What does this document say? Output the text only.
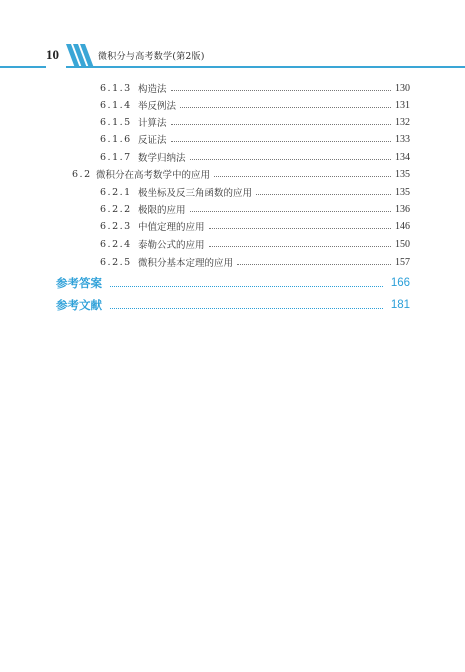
10	微积分与高考数学(第2版)
6.1.3 构造法	130
6.1.4 举反例法	131
6.1.5 计算法	132
6.1.6 反证法	133
6.1.7 数学归纳法	134
6.2 微积分在高考数学中的应用	135
6.2.1 极坐标及反三角函数的应用	135
6.2.2 极限的应用	136
6.2.3 中值定理的应用	146
6.2.4 泰勒公式的应用	150
6.2.5 微积分基本定理的应用	157
参考答案	166
参考文献	181
